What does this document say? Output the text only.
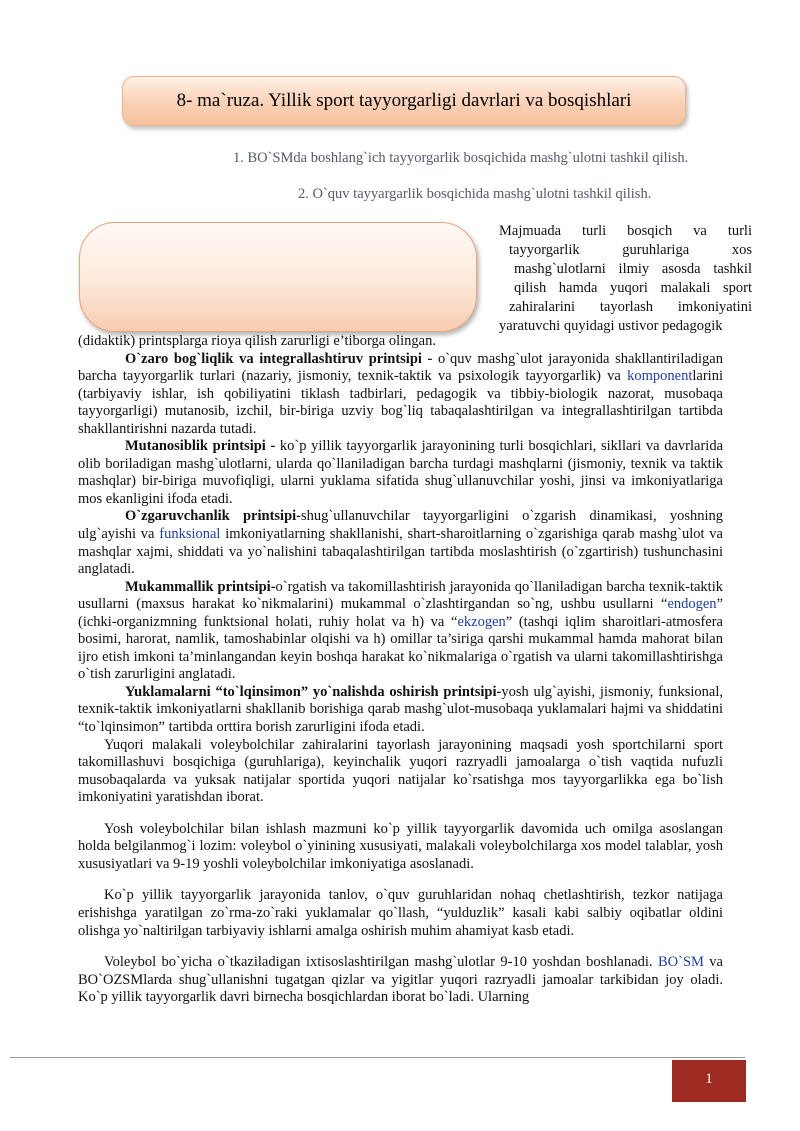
8- ma`ruza. Yillik sport tayyorgarligi davrlari va bosqishlari
1. BO`SMda boshlang`ich tayyorgarlik bosqichida mashg`ulotni tashkil qilish.
2. O`quv tayyargarlik bosqichida mashg`ulotni tashkil qilish.
Majmuada turli bosqich va turli
tayyorgarlik guruhlariga xos
mashg`ulotlarni ilmiy asosda tashkil
qilish hamda yuqori malakali sport
zahiralarini tayorlash imkoniyatini
yaratuvchi quyidagi ustivor pedagogik

(didaktik) printsplarga rioya qilish zarurligi e’tiborga olingan.

O`zaro bog`liqlik va integrallashtiruv printsipi - o`quv mashg`ulot jarayonida shakllantiriladigan barcha tayyorgarlik turlari (nazariy, jismoniy, texnik-taktik va psixologik tayyorgarlik) va komponentlarini (tarbiyaviy ishlar, ish qobiliyatini tiklash tadbirlari, pedagogik va tibbiy-biologik nazorat, musobaqa tayyorgarligi) mutanosib, izchil, bir-biriga uzviy bog`liq tabaqalashtirilgan va integrallashtirilgan tartibda shakllantirishni nazarda tutadi.

Mutanosiblik printsipi - ko`p yillik tayyorgarlik jarayonining turli bosqichlari, sikllari va davrlarida olib boriladigan mashg`ulotlarni, ularda qo`llaniladigan barcha turdagi mashqlarni (jismoniy, texnik va taktik mashqlar) bir-biriga muvofiqligi, ularni yuklama sifatida shug`ullanuvchilar yoshi, jinsi va imkoniyatlariga mos ekanligini ifoda etadi.

O`zgaruvchanlik printsipi-shug`ullanuvchilar tayyorgarligini o`zgarish dinamikasi, yoshning ulg`ayishi va funksional imkoniyatlarning shakllanishi, shart-sharoitlarning o`zgarishiga qarab mashg`ulot va mashqlar xajmi, shiddati va yo`nalishini tabaqalashtirilgan tartibda moslashtirish (o`zgartirish) tushunchasini anglatadi.

Mukammallik printsipi-o`rgatish va takomillashtirish jarayonida qo`llaniladigan barcha texnik-taktik usullarni (maxsus harakat ko`nikmalarini) mukammal o`zlashtirgandan so`ng, ushbu usullarni “endogen” (ichki-organizmning funktsional holati, ruhiy holat va h) va “ekzogen” (tashqi iqlim sharoitlari-atmosfera bosimi, harorat, namlik, tamoshabinlar olqishi va h) omillar ta’siriga qarshi mukammal hamda mahorat bilan ijro etish imkoni ta’minlangandan keyin boshqa harakat ko`nikmalariga o`rgatish va ularni takomillashtirishga o`tish zarurligini anglatadi.

Yuklamalarni “to`lqinsimon” yo`nalishda oshirish printsipi-yosh ulg`ayishi, jismoniy, funksional, texnik-taktik imkoniyatlarni shakllanib borishiga qarab mashg`ulot-musobaqa yuklamalari hajmi va shiddatini “to`lqinsimon” tartibda orttira borish zarurligini ifoda etadi.

Yuqori malakali voleybolchilar zahiralarini tayorlash jarayonining maqsadi yosh sportchilarni sport takomillashuvi bosqichiga (guruhlariga), keyinchalik yuqori razryadli jamoalarga o`tish vaqtida nufuzli musobaqalarda va yuksak natijalar sportida yuqori natijalar ko`rsatishga mos tayyorgarlikka ega bo`lish imkoniyatini yaratishdan iborat.

Yosh voleybolchilar bilan ishlash mazmuni ko`p yillik tayyorgarlik davomida uch omilga asoslangan holda belgilanmog`i lozim: voleybol o`yinining xususiyati, malakali voleybolchilarga xos model talablar, yosh xususiyatlari va 9-19 yoshli voleybolchilar imkoniyatiga asoslanadi.

Ko`p yillik tayyorgarlik jarayonida tanlov, o`quv guruhlaridan nohaq chetlashtirish, tezkor natijaga erishishga yaratilgan zo`rma-zo`raki yuklamalar qo`llash, “yulduzlik” kasali kabi salbiy oqibatlar oldini olishga yo`naltirilgan tarbiyaviy ishlarni amalga oshirish muhim ahamiyat kasb etadi.

Voleybol bo`yicha o`tkaziladigan ixtisoslashtirilgan mashg`ulotlar 9-10 yoshdan boshlanadi. BO`SM va BO`OZSMlarda shug`ullanishni tugatgan qizlar va yigitlar yuqori razryadli jamoalar tarkibidan joy oladi. Ko`p yillik tayyorgarlik davri birnecha bosqichlardan iborat bo`ladi. Ularning

1
